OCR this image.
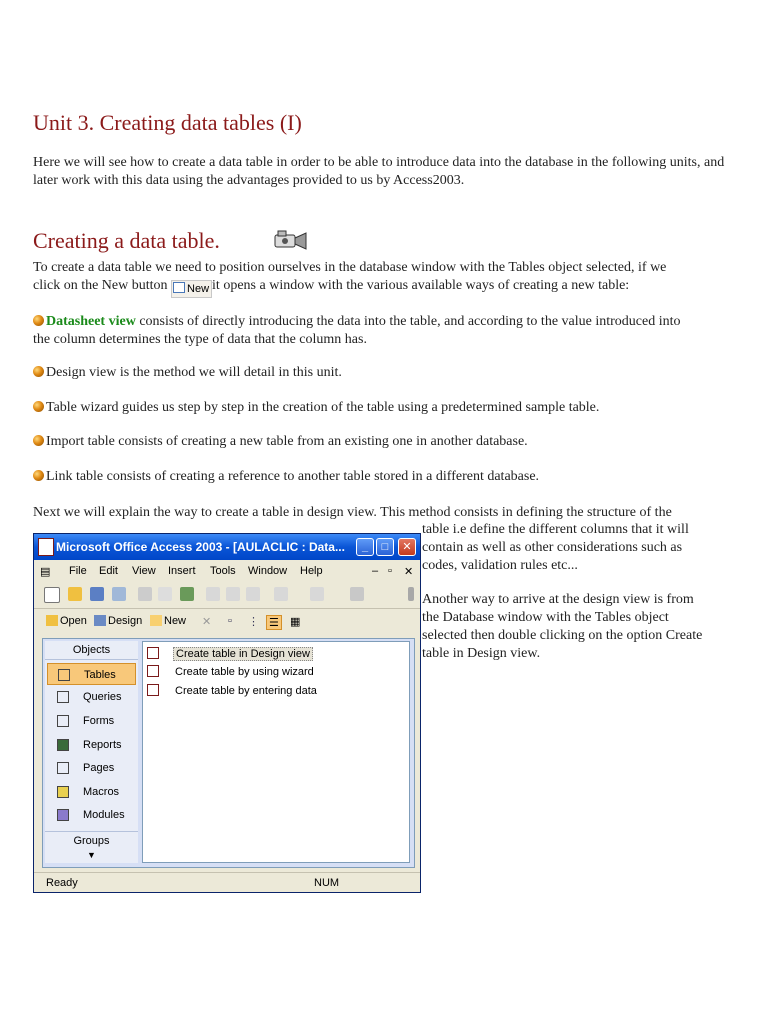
Unit 3. Creating data tables (I)
Here we will see how to create a data table in order to be able to introduce data into the database in the following units, and later work with this data using the advantages provided to us by Access2003.
Creating a data table.
To create a data table we need to position ourselves in the database window with the Tables object selected, if we
click on the New button New it opens a window with the various available ways of creating a new table:
Datasheet view consists of directly introducing the data into the table, and according to the value introduced into
the column determines the type of data that the column has.
Design view is the method we will detail in this unit.
Table wizard guides us step by step in the creation of the table using a predetermined sample table.
Import table consists of creating a new table from an existing one in another database.
Link table consists of creating a reference to another table stored in a different database.
Next we will explain the way to create a table in design view. This method consists in defining the structure of the
table i.e define the different columns that it will
contain as well as other considerations such as
codes, validation rules etc...
Another way to arrive at the design view is from
the Database window with the Tables object
selected then double clicking on the option Create
table in Design view.
Microsoft Office Access 2003 - [AULACLIC : Data...	_	□	✕
▤ File Edit View Insert Tools Window Help	– ▫ ✕
Open	Design	New ✕ ▫ ⋮ ☰ ▦
Objects
Tables
Queries
Forms
Reports
Pages
Macros
Modules
Groups
▼
Create table in Design view
Create table by using wizard
Create table by entering data
Ready	NUM
